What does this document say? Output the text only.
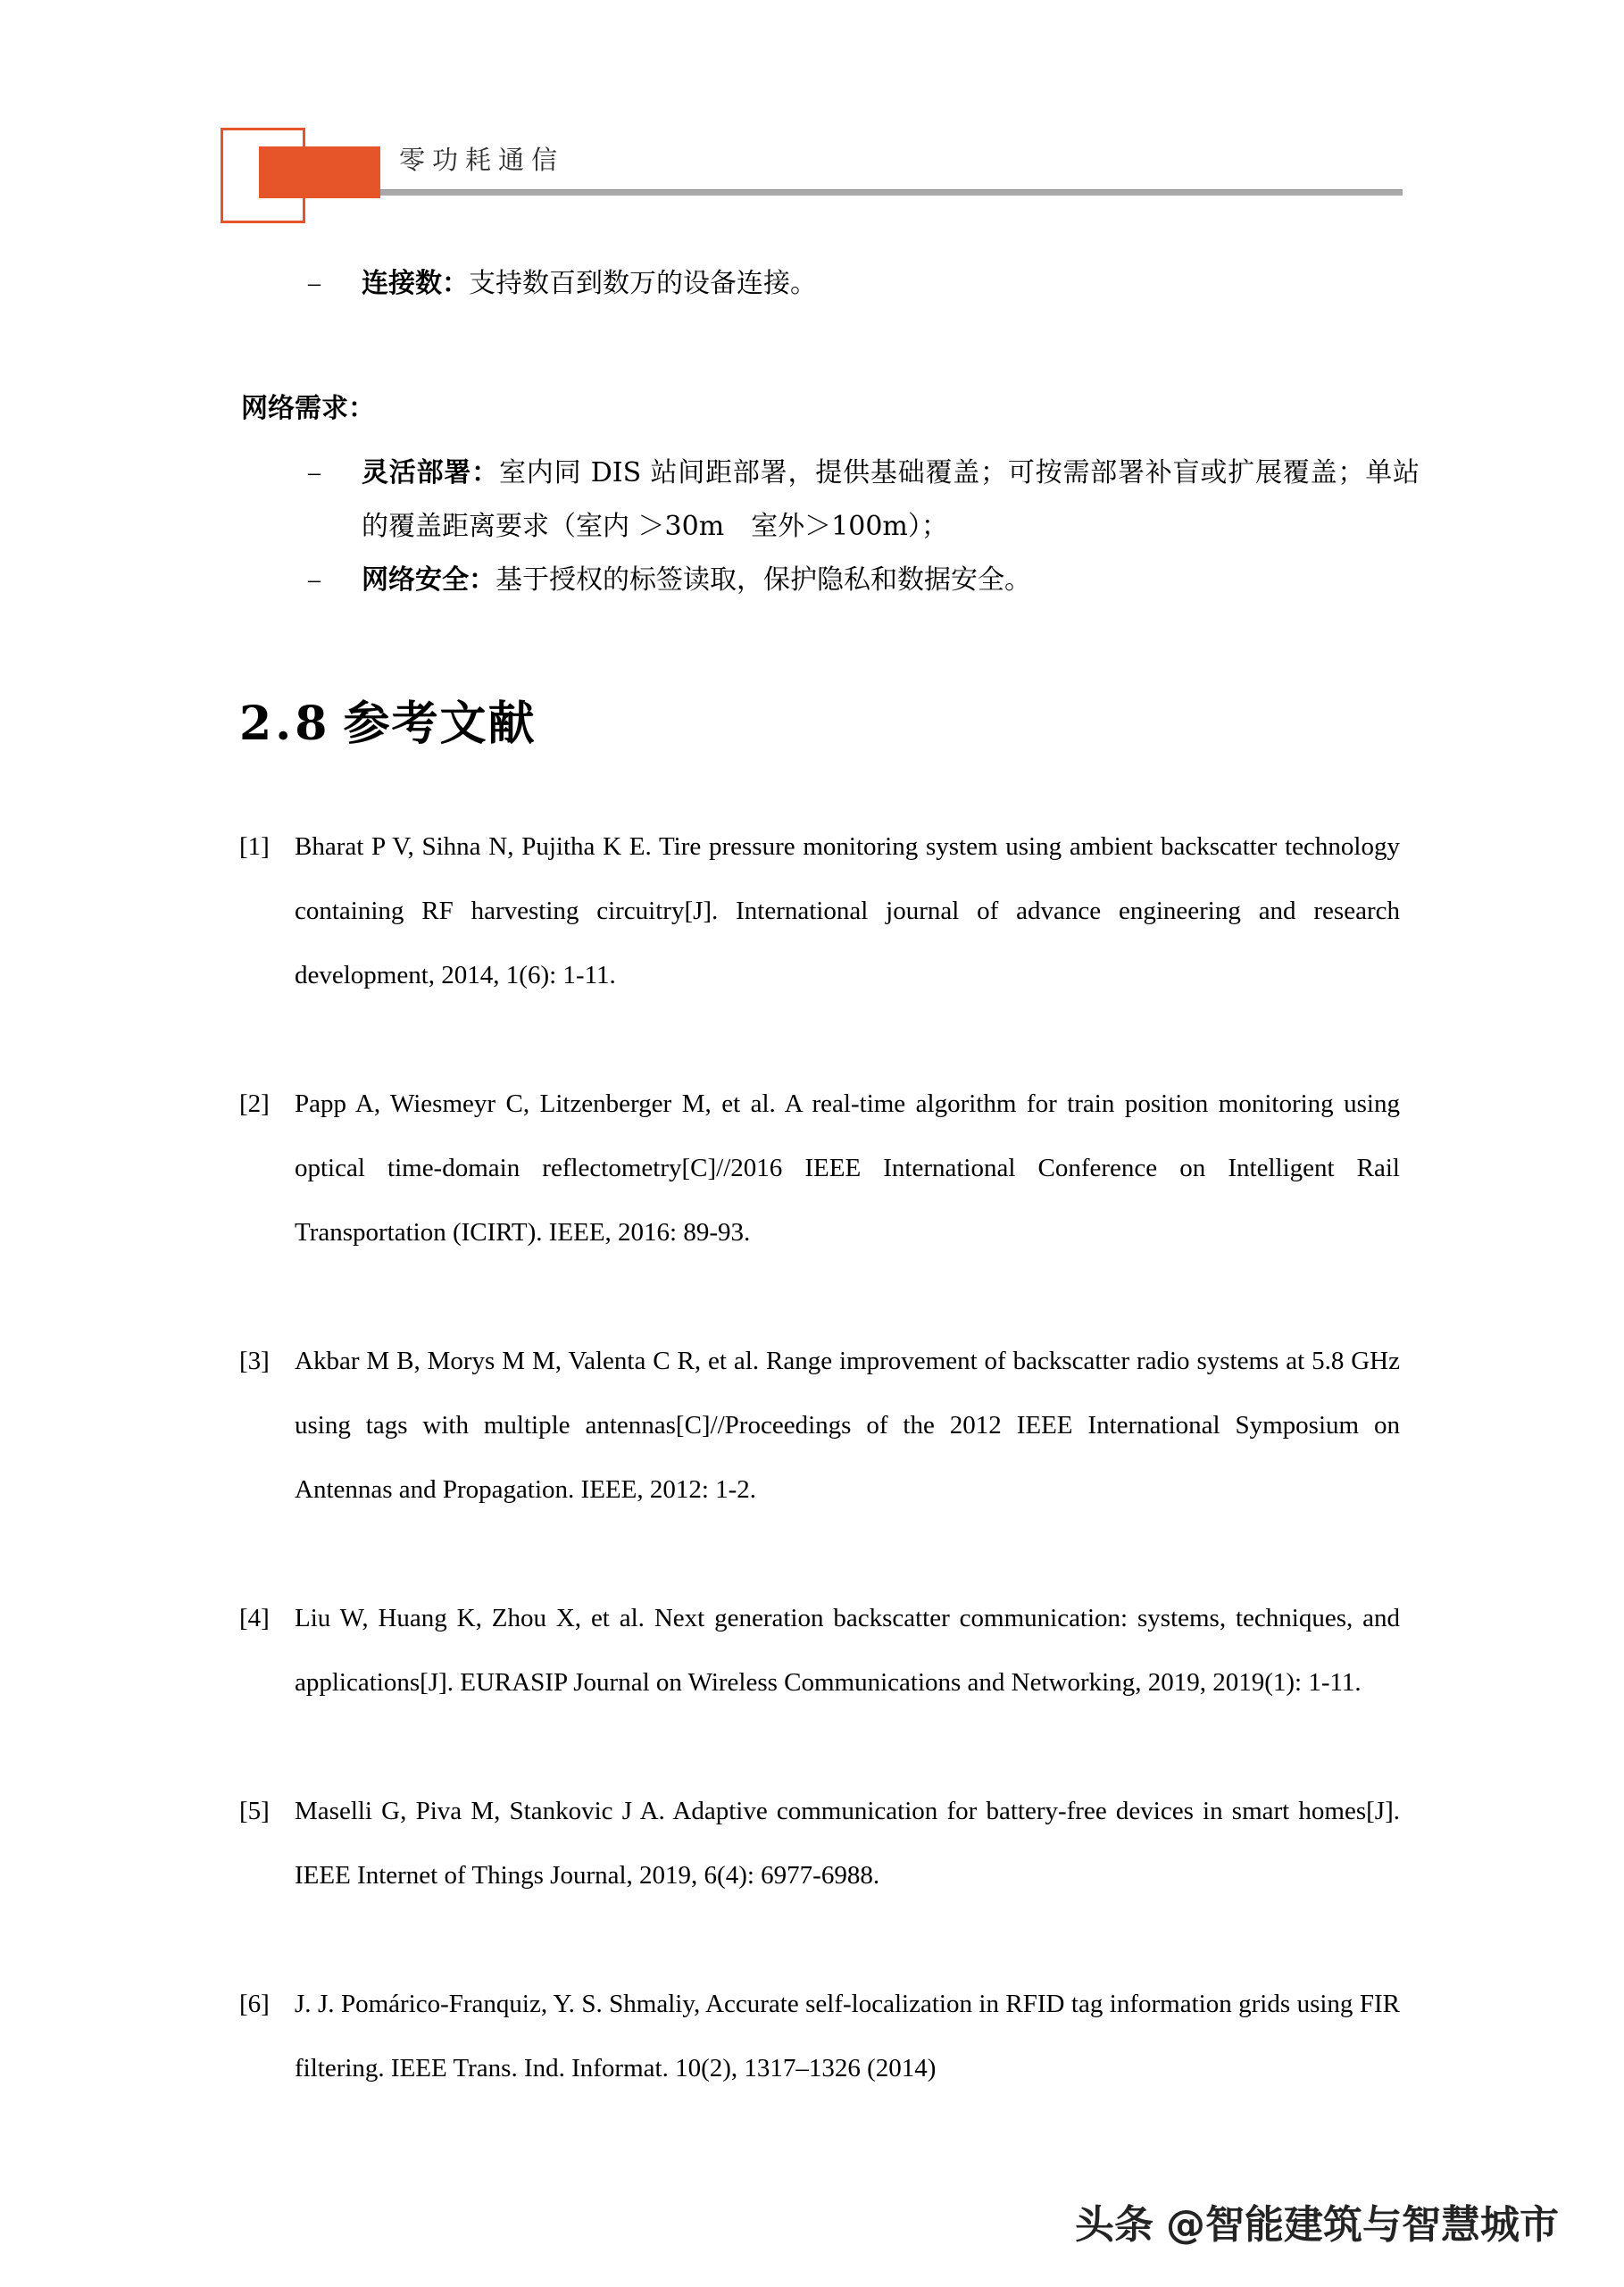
零功耗通信
– 连接数：支持数百到数万的设备连接。
网络需求：
– 灵活部署：室内同 DIS 站间距部署，提供基础覆盖；可按需部署补盲或扩展覆盖；单站的覆盖距离要求（室内 ＞30m　室外＞100m）；
– 网络安全：基于授权的标签读取，保护隐私和数据安全。
2.8 参考文献
[1] Bharat P V, Sihna N, Pujitha K E. Tire pressure monitoring system using ambient backscatter technology containing RF harvesting circuitry[J]. International journal of advance engineering and research development, 2014, 1(6): 1-11.
[2] Papp A, Wiesmeyr C, Litzenberger M, et al. A real-time algorithm for train position monitoring using optical time-domain reflectometry[C]//2016 IEEE International Conference on Intelligent Rail Transportation (ICIRT). IEEE, 2016: 89-93.
[3] Akbar M B, Morys M M, Valenta C R, et al. Range improvement of backscatter radio systems at 5.8 GHz using tags with multiple antennas[C]//Proceedings of the 2012 IEEE International Symposium on Antennas and Propagation. IEEE, 2012: 1-2.
[4] Liu W, Huang K, Zhou X, et al. Next generation backscatter communication: systems, techniques, and applications[J]. EURASIP Journal on Wireless Communications and Networking, 2019, 2019(1): 1-11.
[5] Maselli G, Piva M, Stankovic J A. Adaptive communication for battery-free devices in smart homes[J]. IEEE Internet of Things Journal, 2019, 6(4): 6977-6988.
[6] J. J. Pomárico-Franquiz, Y. S. Shmaliy, Accurate self-localization in RFID tag information grids using FIR filtering. IEEE Trans. Ind. Informat. 10(2), 1317–1326 (2014)
头条 @智能建筑与智慧城市
